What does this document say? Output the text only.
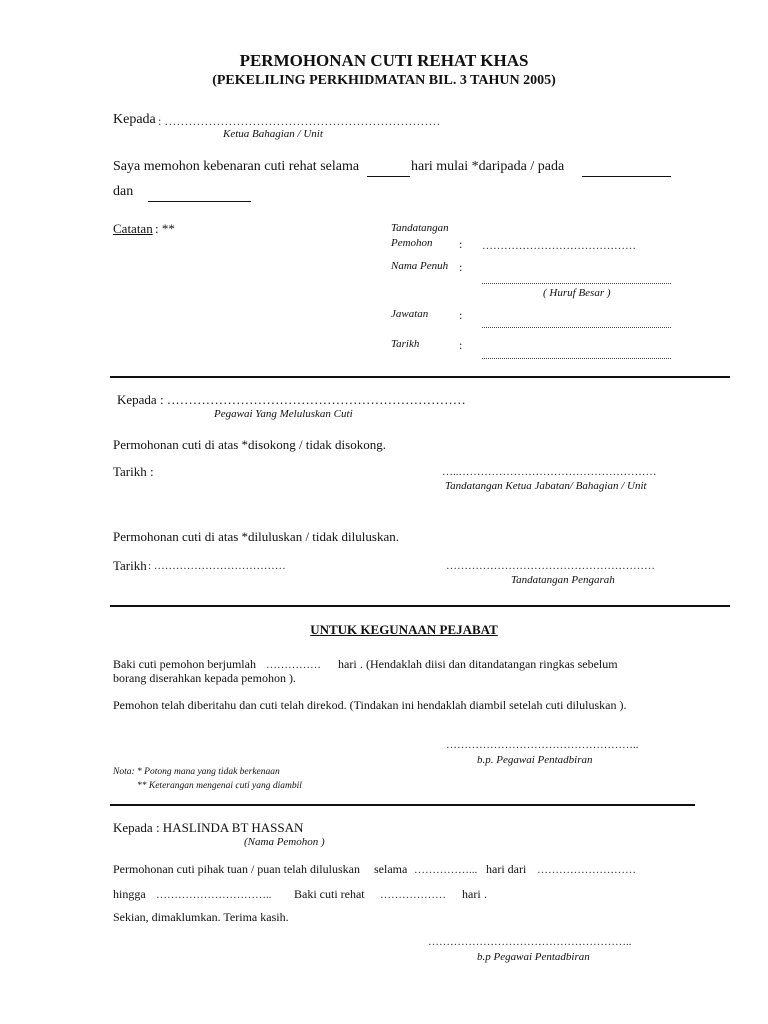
PERMOHONAN CUTI REHAT KHAS
(PEKELILING PERKHIDMATAN BIL. 3 TAHUN 2005)
Kepada : ……………………………………………………………
Ketua Bahagian / Unit
Saya memohon kebenaran cuti rehat selama	hari mulai *daripada / pada
dan
Catatan : **	Tandatangan
Pemohon : ……………………………………
Nama Penuh :
( Huruf Besar )
Jawatan	:
Tarikh	:
Kepada : ……………………………………………………………
Pegawai Yang Meluluskan Cuti
Permohonan cuti di atas *disokong / tidak disokong.
Tarikh :	…..………………………………………………
Tandatangan Ketua Jabatan/ Bahagian / Unit
Permohonan cuti di atas *diluluskan / tidak diluluskan.
Tarikh : ………………………………	…………………………………………………
Tandatangan Pengarah
UNTUK KEGUNAAN PEJABAT
Baki cuti pemohon berjumlah …………… hari . (Hendaklah diisi dan ditandatangan ringkas sebelum
borang diserahkan kepada pemohon ).
Pemohon telah diberitahu dan cuti telah direkod. (Tindakan ini hendaklah diambil setelah cuti diluluskan ).
……………………………………………..
b.p. Pegawai Pentadbiran
Nota: * Potong mana yang tidak berkenaan
** Keterangan mengenai cuti yang diambil
Kepada : HASLINDA BT HASSAN
(Nama Pemohon )
Permohonan cuti pihak tuan / puan telah diluluskan selama ……………... hari dari ………………………
hingga ………………………….. Baki cuti rehat ……………… hari .
Sekian, dimaklumkan. Terima kasih.
………………………………………………..
b.p Pegawai Pentadbiran
